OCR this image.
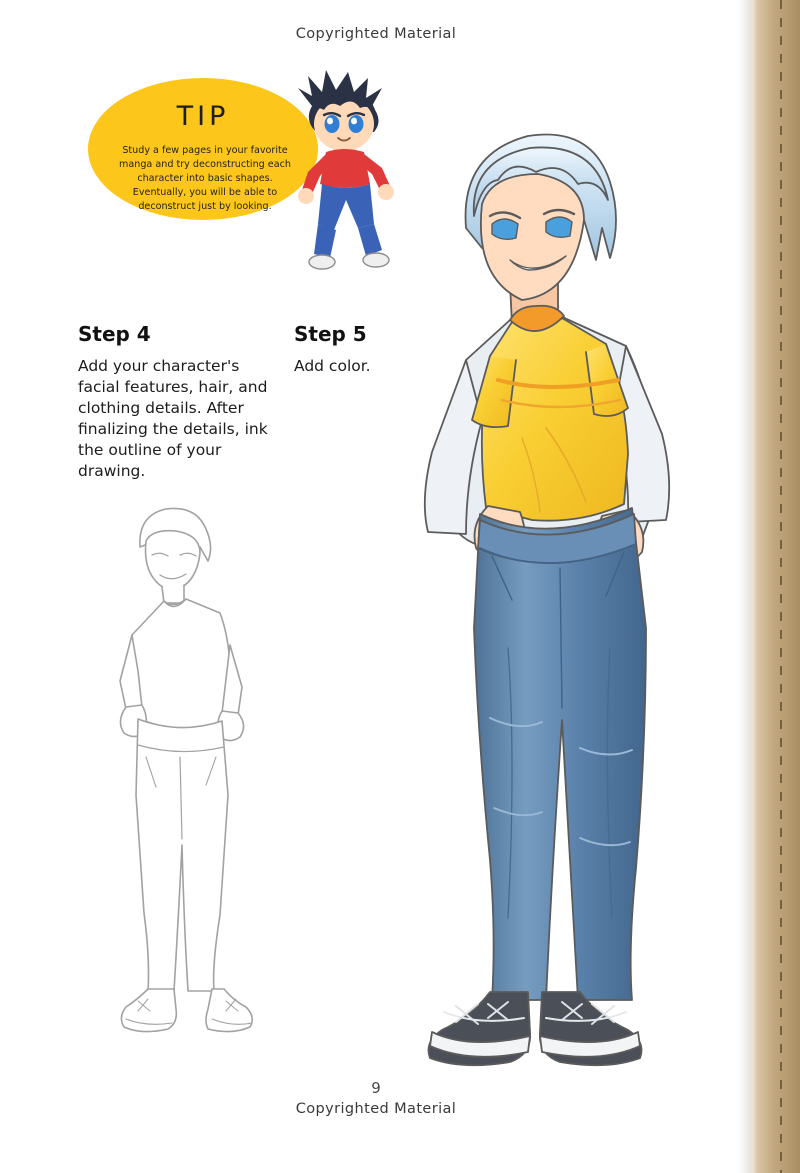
Copyrighted Material
TIP
Study a few pages in your favorite manga and try deconstructing each character into basic shapes. Eventually, you will be able to deconstruct just by looking.
Step 4

Add your character's facial features, hair, and clothing details. After finalizing the details, ink the outline of your drawing.

Step 5

Add color.

9
Copyrighted Material
